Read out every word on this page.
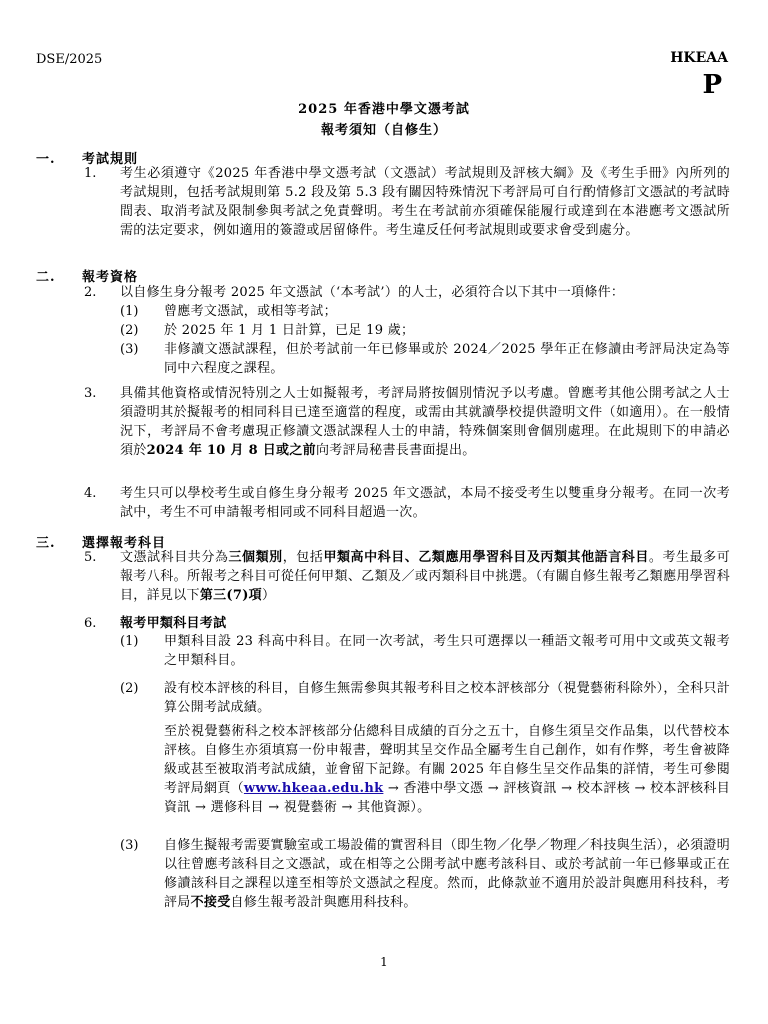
DSE/2025	HKEAA
P
2025 年香港中學文憑考試
報考須知（自修生）
一. 考試規則
1. 考生必須遵守《2025 年香港中學文憑考試（文憑試）考試規則及評核大綱》及《考生手冊》內所列的考試規則，包括考試規則第 5.2 段及第 5.3 段有關因特殊情況下考評局可自行酌情修訂文憑試的考試時間表、取消考試及限制參與考試之免責聲明。考生在考試前亦須確保能履行或達到在本港應考文憑試所需的法定要求，例如適用的簽證或居留條件。考生違反任何考試規則或要求會受到處分。
二. 報考資格
2. 以自修生身分報考 2025 年文憑試（‘本考試’）的人士，必須符合以下其中一項條件：
(1) 曾應考文憑試，或相等考試；
(2) 於 2025 年 1 月 1 日計算，已足 19 歲；
(3) 非修讀文憑試課程，但於考試前一年已修畢或於 2024／2025 學年正在修讀由考評局決定為等同中六程度之課程。
3. 具備其他資格或情況特別之人士如擬報考，考評局將按個別情況予以考慮。曾應考其他公開考試之人士須證明其於擬報考的相同科目已達至適當的程度，或需由其就讀學校提供證明文件（如適用）。在一般情況下，考評局不會考慮現正修讀文憑試課程人士的申請，特殊個案則會個別處理。在此規則下的申請必須於2024 年 10 月 8 日或之前向考評局秘書長書面提出。
4. 考生只可以學校考生或自修生身分報考 2025 年文憑試，本局不接受考生以雙重身分報考。在同一次考試中，考生不可申請報考相同或不同科目超過一次。
三. 選擇報考科目
5. 文憑試科目共分為三個類別，包括甲類高中科目、乙類應用學習科目及丙類其他語言科目。考生最多可報考八科。所報考之科目可從任何甲類、乙類及／或丙類科目中挑選。（有關自修生報考乙類應用學習科目，詳見以下第三(7)項）
6. 報考甲類科目考試
(1) 甲類科目設 23 科高中科目。在同一次考試，考生只可選擇以一種語文報考可用中文或英文報考之甲類科目。
(2) 設有校本評核的科目，自修生無需參與其報考科目之校本評核部分（視覺藝術科除外），全科只計算公開考試成績。
至於視覺藝術科之校本評核部分佔總科目成績的百分之五十，自修生須呈交作品集，以代替校本評核。自修生亦須填寫一份申報書，聲明其呈交作品全屬考生自己創作，如有作弊，考生會被降級或甚至被取消考試成績，並會留下記錄。有關 2025 年自修生呈交作品集的詳情，考生可參閱考評局網頁（www.hkeaa.edu.hk → 香港中學文憑 → 評核資訊 → 校本評核 → 校本評核科目資訊 → 選修科目 → 視覺藝術 → 其他資源）。
(3) 自修生擬報考需要實驗室或工場設備的實習科目（即生物／化學／物理／科技與生活），必須證明以往曾應考該科目之文憑試，或在相等之公開考試中應考該科目、或於考試前一年已修畢或正在修讀該科目之課程以達至相等於文憑試之程度。然而，此條款並不適用於設計與應用科技科，考評局不接受自修生報考設計與應用科技科。
1
